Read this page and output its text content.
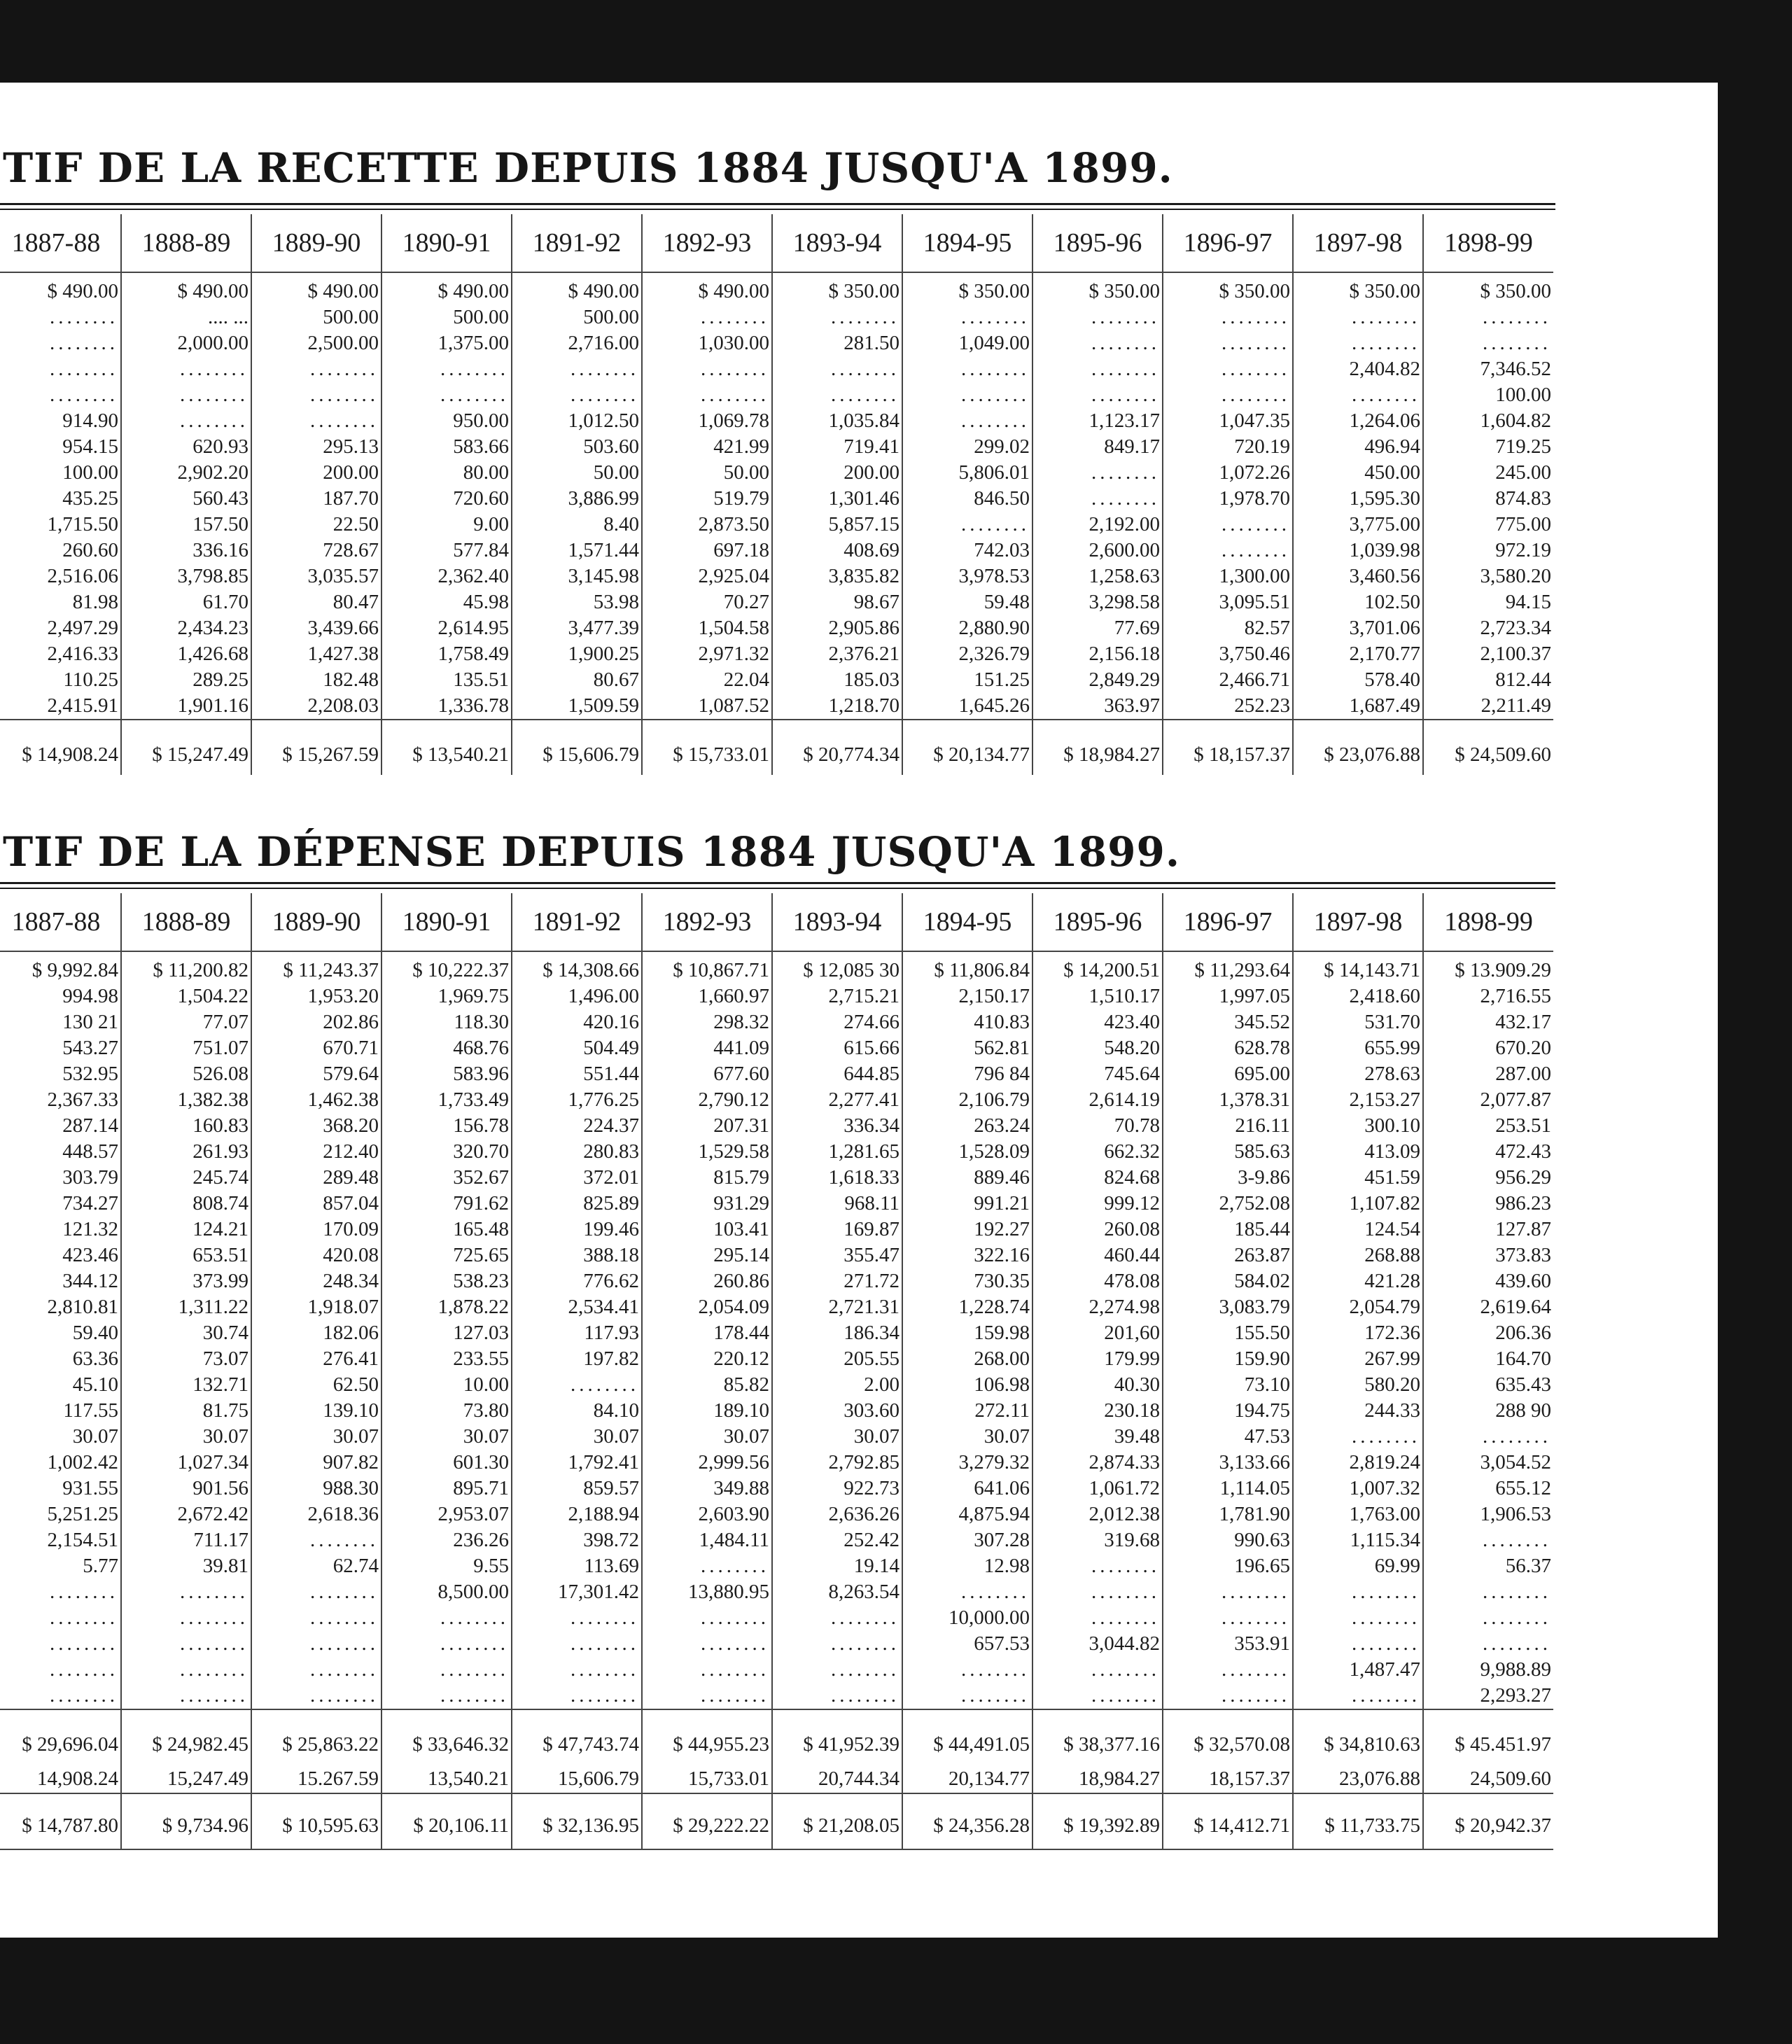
TIF DE LA RECETTE DEPUIS 1884 JUSQU'A 1899.
	1887-88	1888-89	1889-90	1890-91	1891-92	1892-93	1893-94	1894-95	1895-96	1896-97	1897-98	1898-99
	$ 490.00	$ 490.00	$ 490.00	$ 490.00	$ 490.00	$ 490.00	$ 350.00	$ 350.00	$ 350.00	$ 350.00	$ 350.00	$ 350.00
	........	.... ...	500.00	500.00	500.00	........	........	........	........	........	........	........
	........	2,000.00	2,500.00	1,375.00	2,716.00	1,030.00	281.50	1,049.00	........	........	........	........
	........	........	........	........	........	........	........	........	........	........	2,404.82	7,346.52
	........	........	........	........	........	........	........	........	........	........	........	100.00
	914.90	........	........	950.00	1,012.50	1,069.78	1,035.84	........	1,123.17	1,047.35	1,264.06	1,604.82
	954.15	620.93	295.13	583.66	503.60	421.99	719.41	299.02	849.17	720.19	496.94	719.25
	100.00	2,902.20	200.00	80.00	50.00	50.00	200.00	5,806.01	........	1,072.26	450.00	245.00
	435.25	560.43	187.70	720.60	3,886.99	519.79	1,301.46	846.50	........	1,978.70	1,595.30	874.83
	1,715.50	157.50	22.50	9.00	8.40	2,873.50	5,857.15	........	2,192.00	........	3,775.00	775.00
	260.60	336.16	728.67	577.84	1,571.44	697.18	408.69	742.03	2,600.00	........	1,039.98	972.19
	2,516.06	3,798.85	3,035.57	2,362.40	3,145.98	2,925.04	3,835.82	3,978.53	1,258.63	1,300.00	3,460.56	3,580.20
	81.98	61.70	80.47	45.98	53.98	70.27	98.67	59.48	3,298.58	3,095.51	102.50	94.15
	2,497.29	2,434.23	3,439.66	2,614.95	3,477.39	1,504.58	2,905.86	2,880.90	77.69	82.57	3,701.06	2,723.34
	2,416.33	1,426.68	1,427.38	1,758.49	1,900.25	2,971.32	2,376.21	2,326.79	2,156.18	3,750.46	2,170.77	2,100.37
	110.25	289.25	182.48	135.51	80.67	22.04	185.03	151.25	2,849.29	2,466.71	578.40	812.44
	2,415.91	1,901.16	2,208.03	1,336.78	1,509.59	1,087.52	1,218.70	1,645.26	363.97	252.23	1,687.49	2,211.49
	$ 14,908.24	$ 15,247.49	$ 15,267.59	$ 13,540.21	$ 15,606.79	$ 15,733.01	$ 20,774.34	$ 20,134.77	$ 18,984.27	$ 18,157.37	$ 23,076.88	$ 24,509.60
TIF DE LA DÉPENSE DEPUIS 1884 JUSQU'A 1899.
	1887-88	1888-89	1889-90	1890-91	1891-92	1892-93	1893-94	1894-95	1895-96	1896-97	1897-98	1898-99
	$ 9,992.84	$ 11,200.82	$ 11,243.37	$ 10,222.37	$ 14,308.66	$ 10,867.71	$ 12,085 30	$ 11,806.84	$ 14,200.51	$ 11,293.64	$ 14,143.71	$ 13.909.29
	994.98	1,504.22	1,953.20	1,969.75	1,496.00	1,660.97	2,715.21	2,150.17	1,510.17	1,997.05	2,418.60	2,716.55
	130 21	77.07	202.86	118.30	420.16	298.32	274.66	410.83	423.40	345.52	531.70	432.17
	543.27	751.07	670.71	468.76	504.49	441.09	615.66	562.81	548.20	628.78	655.99	670.20
	532.95	526.08	579.64	583.96	551.44	677.60	644.85	796 84	745.64	695.00	278.63	287.00
	2,367.33	1,382.38	1,462.38	1,733.49	1,776.25	2,790.12	2,277.41	2,106.79	2,614.19	1,378.31	2,153.27	2,077.87
	287.14	160.83	368.20	156.78	224.37	207.31	336.34	263.24	70.78	216.11	300.10	253.51
	448.57	261.93	212.40	320.70	280.83	1,529.58	1,281.65	1,528.09	662.32	585.63	413.09	472.43
	303.79	245.74	289.48	352.67	372.01	815.79	1,618.33	889.46	824.68	3-9.86	451.59	956.29
	734.27	808.74	857.04	791.62	825.89	931.29	968.11	991.21	999.12	2,752.08	1,107.82	986.23
	121.32	124.21	170.09	165.48	199.46	103.41	169.87	192.27	260.08	185.44	124.54	127.87
	423.46	653.51	420.08	725.65	388.18	295.14	355.47	322.16	460.44	263.87	268.88	373.83
	344.12	373.99	248.34	538.23	776.62	260.86	271.72	730.35	478.08	584.02	421.28	439.60
	2,810.81	1,311.22	1,918.07	1,878.22	2,534.41	2,054.09	2,721.31	1,228.74	2,274.98	3,083.79	2,054.79	2,619.64
	59.40	30.74	182.06	127.03	117.93	178.44	186.34	159.98	201,60	155.50	172.36	206.36
	63.36	73.07	276.41	233.55	197.82	220.12	205.55	268.00	179.99	159.90	267.99	164.70
	45.10	132.71	62.50	10.00	........	85.82	2.00	106.98	40.30	73.10	580.20	635.43
	117.55	81.75	139.10	73.80	84.10	189.10	303.60	272.11	230.18	194.75	244.33	288 90
	30.07	30.07	30.07	30.07	30.07	30.07	30.07	30.07	39.48	47.53	........	........
	1,002.42	1,027.34	907.82	601.30	1,792.41	2,999.56	2,792.85	3,279.32	2,874.33	3,133.66	2,819.24	3,054.52
	931.55	901.56	988.30	895.71	859.57	349.88	922.73	641.06	1,061.72	1,114.05	1,007.32	655.12
	5,251.25	2,672.42	2,618.36	2,953.07	2,188.94	2,603.90	2,636.26	4,875.94	2,012.38	1,781.90	1,763.00	1,906.53
	2,154.51	711.17	........	236.26	398.72	1,484.11	252.42	307.28	319.68	990.63	1,115.34	........
	5.77	39.81	62.74	9.55	113.69	........	19.14	12.98	........	196.65	69.99	56.37
	........	........	........	8,500.00	17,301.42	13,880.95	8,263.54	........	........	........	........	........
	........	........	........	........	........	........	........	10,000.00	........	........	........	........
	........	........	........	........	........	........	........	657.53	3,044.82	353.91	........	........
	........	........	........	........	........	........	........	........	........	........	1,487.47	9,988.89
	........	........	........	........	........	........	........	........	........	........	........	2,293.27
	$ 29,696.04	$ 24,982.45	$ 25,863.22	$ 33,646.32	$ 47,743.74	$ 44,955.23	$ 41,952.39	$ 44,491.05	$ 38,377.16	$ 32,570.08	$ 34,810.63	$ 45.451.97
	14,908.24	15,247.49	15.267.59	13,540.21	15,606.79	15,733.01	20,744.34	20,134.77	18,984.27	18,157.37	23,076.88	24,509.60
	$ 14,787.80	$ 9,734.96	$ 10,595.63	$ 20,106.11	$ 32,136.95	$ 29,222.22	$ 21,208.05	$ 24,356.28	$ 19,392.89	$ 14,412.71	$ 11,733.75	$ 20,942.37
